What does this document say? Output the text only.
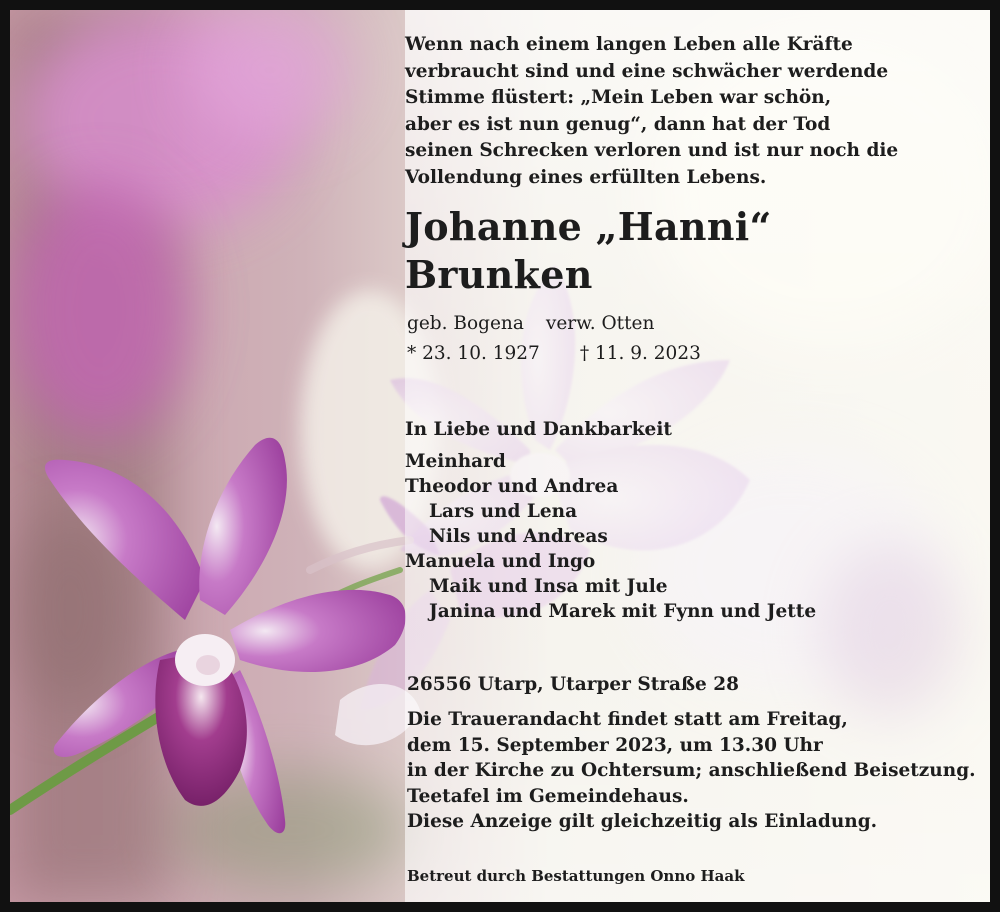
Wenn nach einem langen Leben alle Kräfte
verbraucht sind und eine schwächer werdende
Stimme flüstert: „Mein Leben war schön,
aber es ist nun genug“, dann hat der Tod
seinen Schrecken verloren und ist nur noch die
Vollendung eines erfüllten Lebens.
Johanne „Hanni“
Brunken
geb. Bogena verw. Otten
* 23. 10. 1927 † 11. 9. 2023
In Liebe und Dankbarkeit
Meinhard
Theodor und Andrea
Lars und Lena
Nils und Andreas
Manuela und Ingo
Maik und Insa mit Jule
Janina und Marek mit Fynn und Jette
26556 Utarp, Utarper Straße 28
Die Trauerandacht findet statt am Freitag,
dem 15. September 2023, um 13.30 Uhr
in der Kirche zu Ochtersum; anschließend Beisetzung.
Teetafel im Gemeindehaus.
Diese Anzeige gilt gleichzeitig als Einladung.
Betreut durch Bestattungen Onno Haak
